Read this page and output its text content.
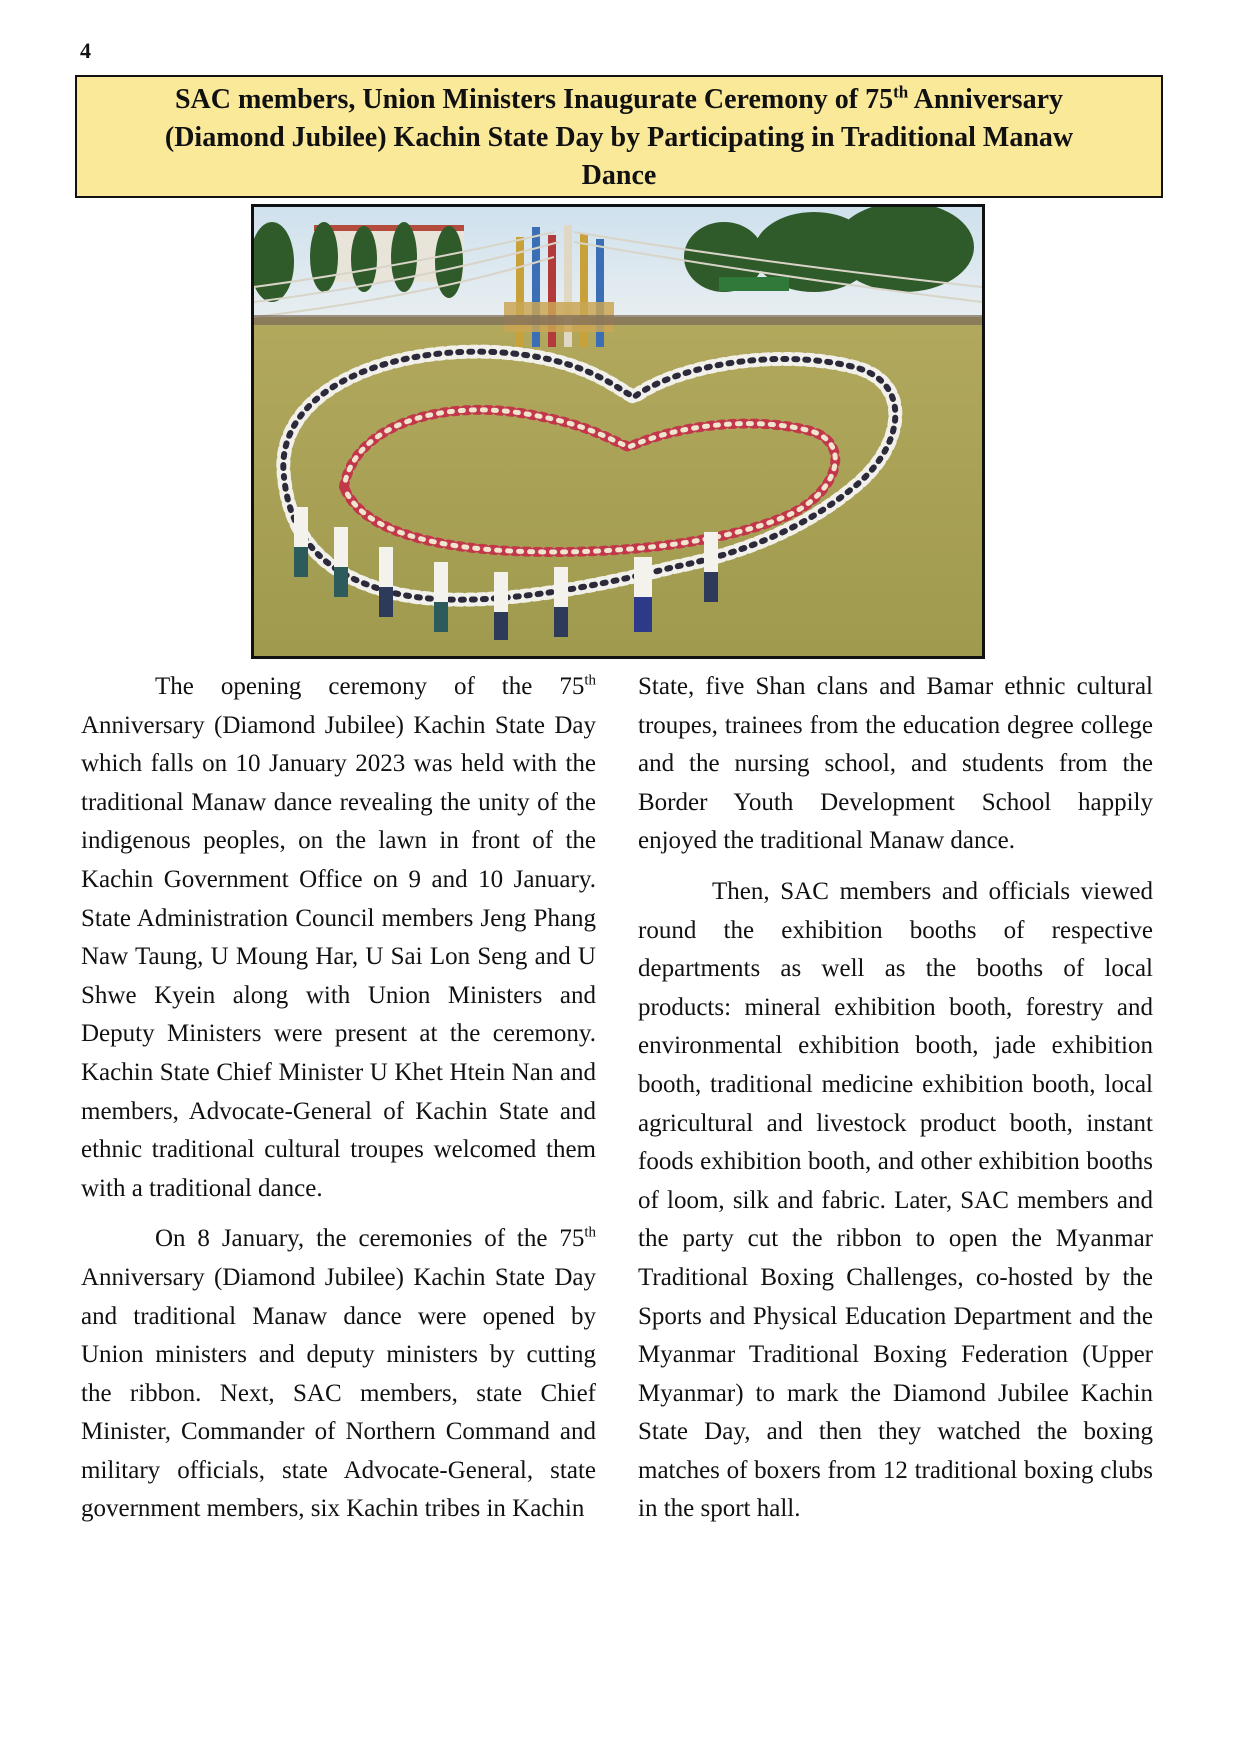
4
SAC members, Union Ministers Inaugurate Ceremony of 75th Anniversary
(Diamond Jubilee) Kachin State Day by Participating in Traditional Manaw
Dance

The opening ceremony of the 75th Anniversary (Diamond Jubilee) Kachin State Day which falls on 10 January 2023 was held with the traditional Manaw dance revealing the unity of the indigenous peoples, on the lawn in front of the Kachin Government Office on 9 and 10 January. State Administration Council members Jeng Phang Naw Taung, U Moung Har, U Sai Lon Seng and U Shwe Kyein along with Union Ministers and Deputy Ministers were present at the ceremony. Kachin State Chief Minister U Khet Htein Nan and members, Advocate-General of Kachin State and ethnic traditional cultural troupes welcomed them with a traditional dance.

On 8 January, the ceremonies of the 75th Anniversary (Diamond Jubilee) Kachin State Day and traditional Manaw dance were opened by Union ministers and deputy ministers by cutting the ribbon. Next, SAC members, state Chief Minister, Commander of Northern Command and military officials, state Advocate-General, state government members, six Kachin tribes in Kachin

State, five Shan clans and Bamar ethnic cultural troupes, trainees from the education degree college and the nursing school, and students from the Border Youth Development School happily enjoyed the traditional Manaw dance.

Then, SAC members and officials viewed round the exhibition booths of respective departments as well as the booths of local products: mineral exhibition booth, forestry and environmental exhibition booth, jade exhibition booth, traditional medicine exhibition booth, local agricultural and livestock product booth, instant foods exhibition booth, and other exhibition booths of loom, silk and fabric. Later, SAC members and the party cut the ribbon to open the Myanmar Traditional Boxing Challenges, co-hosted by the Sports and Physical Education Department and the Myanmar Traditional Boxing Federation (Upper Myanmar) to mark the Diamond Jubilee Kachin State Day, and then they watched the boxing matches of boxers from 12 traditional boxing clubs in the sport hall.
